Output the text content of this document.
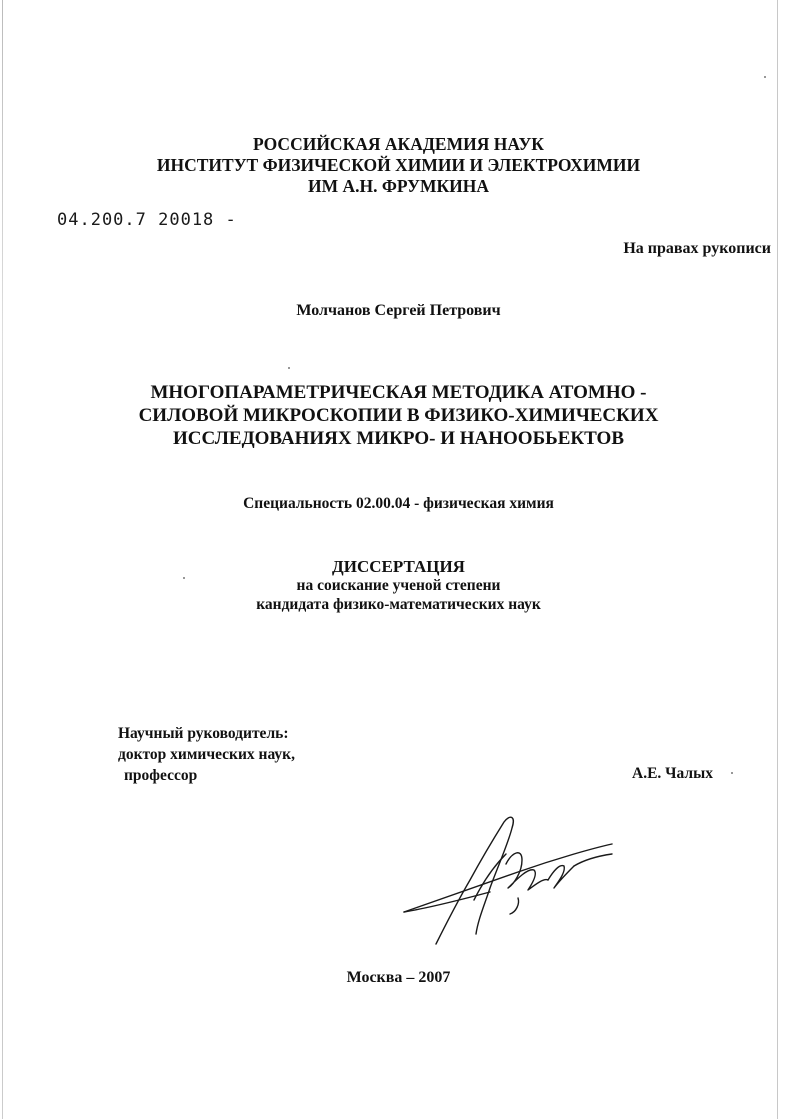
РОССИЙСКАЯ АКАДЕМИЯ НАУК
ИНСТИТУТ ФИЗИЧЕСКОЙ ХИМИИ И ЭЛЕКТРОХИМИИ
ИМ А.Н. ФРУМКИНА
04.200.7 20018 -
На правах рукописи
Молчанов Сергей Петрович
МНОГОПАРАМЕТРИЧЕСКАЯ МЕТОДИКА АТОМНО -
СИЛОВОЙ МИКРОСКОПИИ В ФИЗИКО-ХИМИЧЕСКИХ
ИССЛЕДОВАНИЯХ МИКРО- И НАНООБЬЕКТОВ
Специальность 02.00.04 - физическая химия
ДИССЕРТАЦИЯ
на соискание ученой степени
кандидата физико-математических наук
Научный руководитель:
доктор химических наук,
профессор	А.Е. Чалых
Москва – 2007
